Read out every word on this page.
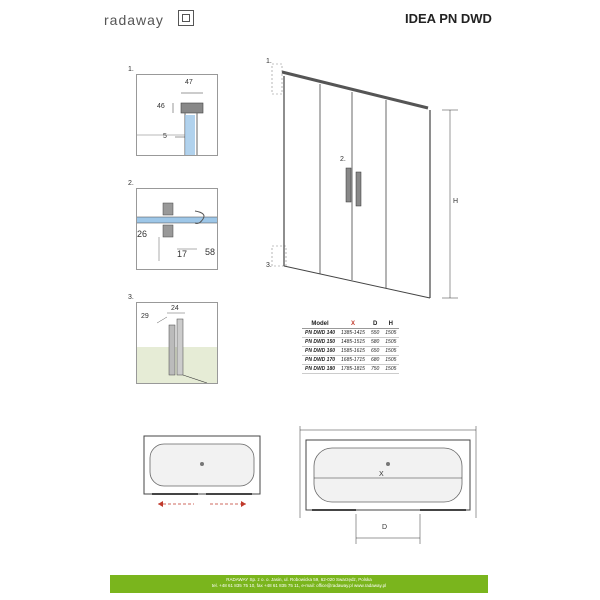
radaway	IDEA PN DWD
1.
47
46
5
2.
26
17 58
3.
29
24
1.
2.
3.
H
Model	X	D	H
PN DWD 140	1385-1415	550	1505
PN DWD 150	1485-1515	580	1505
PN DWD 160	1585-1615	650	1505
PN DWD 170	1685-1715	680	1505
PN DWD 180	1785-1815	750	1505
X
D
RADAWAY Sp. z o. o. Jasin, ul. Robowicka 59, 62-020 Swarzędz, Polska
tel. +48 61 835 75 10, fax +48 61 835 75 11, e-mail: office@radaway.pl www.radaway.pl
